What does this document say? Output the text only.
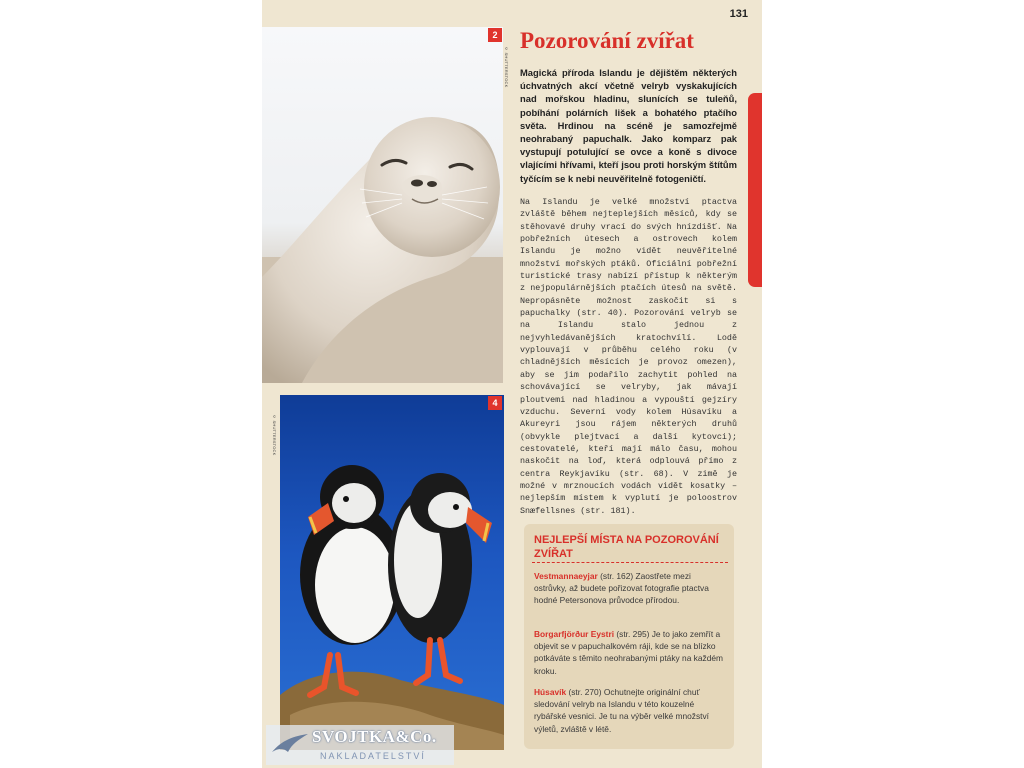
131
2
© SHUTTERSTOCK
4
© SHUTTERSTOCK
Pozorování zvířat

Magická příroda Islandu je dějištěm některých úchvatných akcí včetně velryb vyskakujících nad mořskou hladinu, slunících se tuleňů, pobíhání polárních lišek a bohatého ptačího světa. Hrdinou na scéně je samozřejmě neohrabaný papuchalk. Jako komparz pak vystupují potulující se ovce a koně s divoce vlajícími hřívami, kteří jsou proti horským štítům tyčícím se k nebi neuvěřitelně fotogeničtí.

Na Islandu je velké množství ptactva zvláště během nejteplejších měsíců, kdy se stěhovavé druhy vrací do svých hnízdišť. Na pobřežních útesech a ostrovech kolem Islandu je možno vidět neuvěřitelné množství mořských ptáků. Oficiální pobřežní turistické trasy nabízí přístup k některým z nejpopulárnějších ptačích útesů na světě. Nepropásněte možnost zaskočit si s papuchalky (str. 40). Pozorování velryb se na Islandu stalo jednou z nejvyhledávanějších kratochvílí. Lodě vyplouvají v průběhu celého roku (v chladnějších měsících je provoz omezen), aby se jim podařilo zachytit pohled na schovávající se velryby, jak mávají ploutvemi nad hladinou a vypouští gejzíry vzduchu. Severní vody kolem Húsavíku a Akureyri jsou rájem některých druhů (obvykle plejtvací a další kytovci); cestovatelé, kteří mají málo času, mohou naskočit na loď, která odplouvá přímo z centra Reykjavíku (str. 68). V zimě je možné v mrznoucích vodách vidět kosatky – nejlepším místem k vyplutí je poloostrov Snæfellsnes (str. 181).

NEJLEPŠÍ MÍSTA NA POZOROVÁNÍ ZVÍŘAT

Vestmannaeyjar (str. 162) Zaostřete mezi ostrůvky, až budete pořizovat fotografie ptactva hodné Petersonova průvodce přírodou.

Borgarfjörður Eystri (str. 295) Je to jako zemřít a objevit se v papuchalkovém ráji, kde se na blízko potkáváte s těmito neohrabanými ptáky na každém kroku.

Húsavík (str. 270) Ochutnejte originální chuť sledování velryb na Islandu v této kouzelné rybářské vesnici. Je tu na výběr velké množství výletů, zvláště v létě.

SVOJTKA&Co.
NAKLADATELSTVÍ
